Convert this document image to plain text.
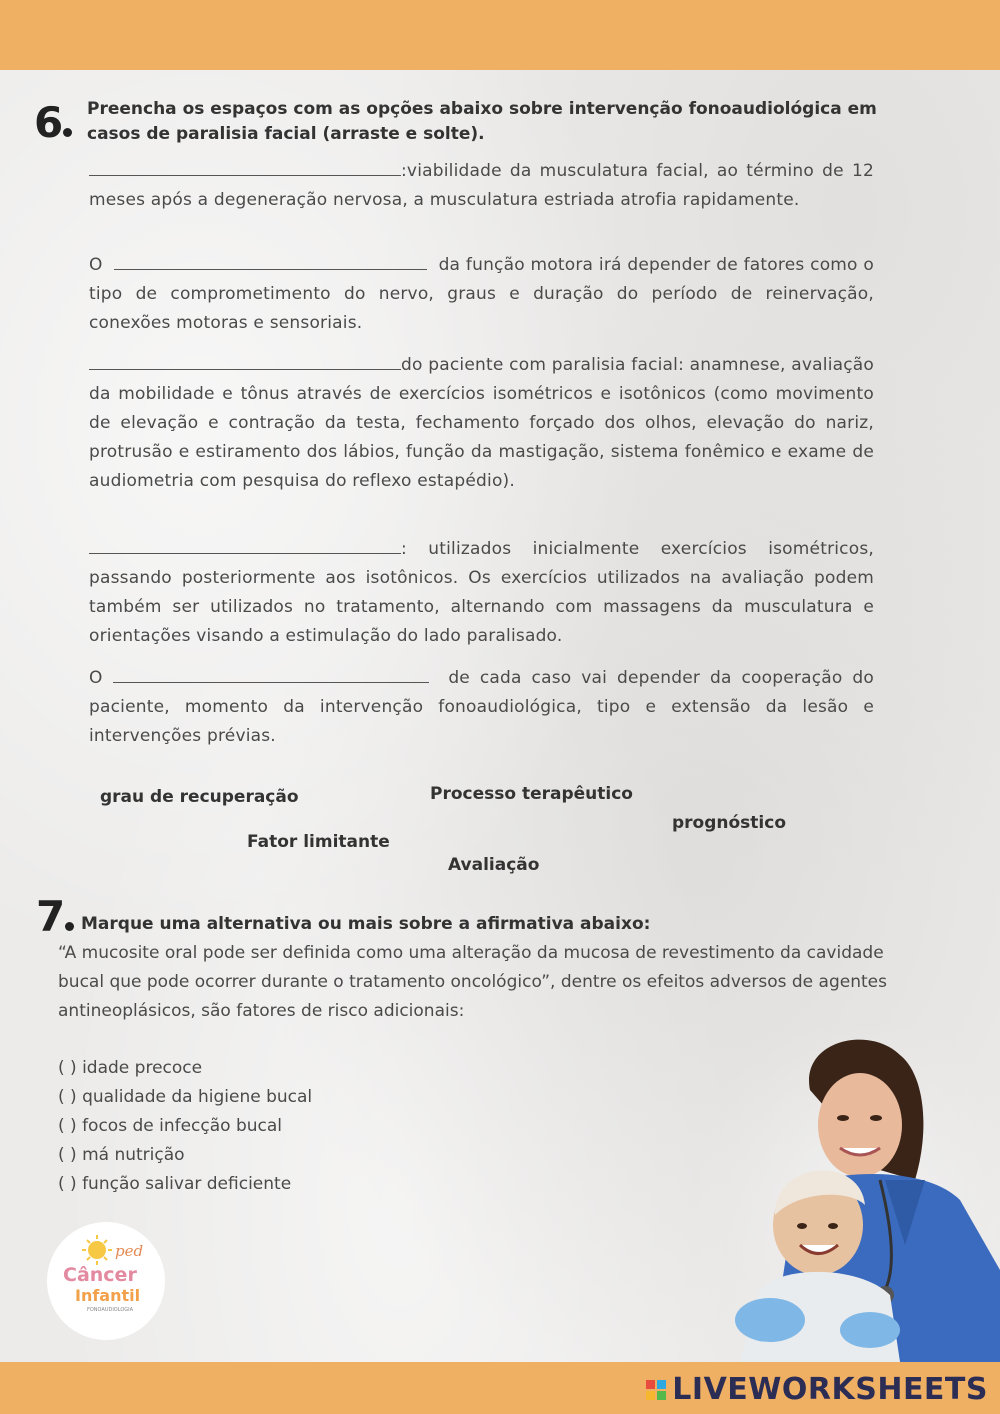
6	Preencha os espaços com as opções abaixo sobre intervenção fonoaudiológica em casos de paralisia facial (arraste e solte).
:viabilidade da musculatura facial, ao término de 12 meses após a degeneração nervosa, a musculatura estriada atrofia rapidamente.
O	da função motora irá depender de fatores como o tipo de comprometimento do nervo, graus e duração do período de reinervação, conexões motoras e sensoriais.
do paciente com paralisia facial: anamnese, avaliação da mobilidade e tônus através de exercícios isométricos e isotônicos (como movimento de elevação e contração da testa, fechamento forçado dos olhos, elevação do nariz, protrusão e estiramento dos lábios, função da mastigação, sistema fonêmico e exame de audiometria com pesquisa do reflexo estapédio).
: utilizados inicialmente exercícios isométricos, passando posteriormente aos isotônicos. Os exercícios utilizados na avaliação podem também ser utilizados no tratamento, alternando com massagens da musculatura e orientações visando a estimulação do lado paralisado.
O	de cada caso vai depender da cooperação do paciente, momento da intervenção fonoaudiológica, tipo e extensão da lesão e intervenções prévias.
grau de recuperação	Processo terapêutico
prognóstico
Fator limitante
Avaliação
7	Marque uma alternativa ou mais sobre a afirmativa abaixo:
“A mucosite oral pode ser definida como uma alteração da mucosa de revestimento da cavidade bucal que pode ocorrer durante o tratamento oncológico”, dentre os efeitos adversos de agentes antineoplásicos, são fatores de risco adicionais:
( ) idade precoce
( ) qualidade da higiene bucal
( ) focos de infecção bucal
( ) má nutrição
( ) função salivar deficiente
ped
Câncer
Infantil
FONOAUDIOLOGIA
LIVEWORKSHEETS
